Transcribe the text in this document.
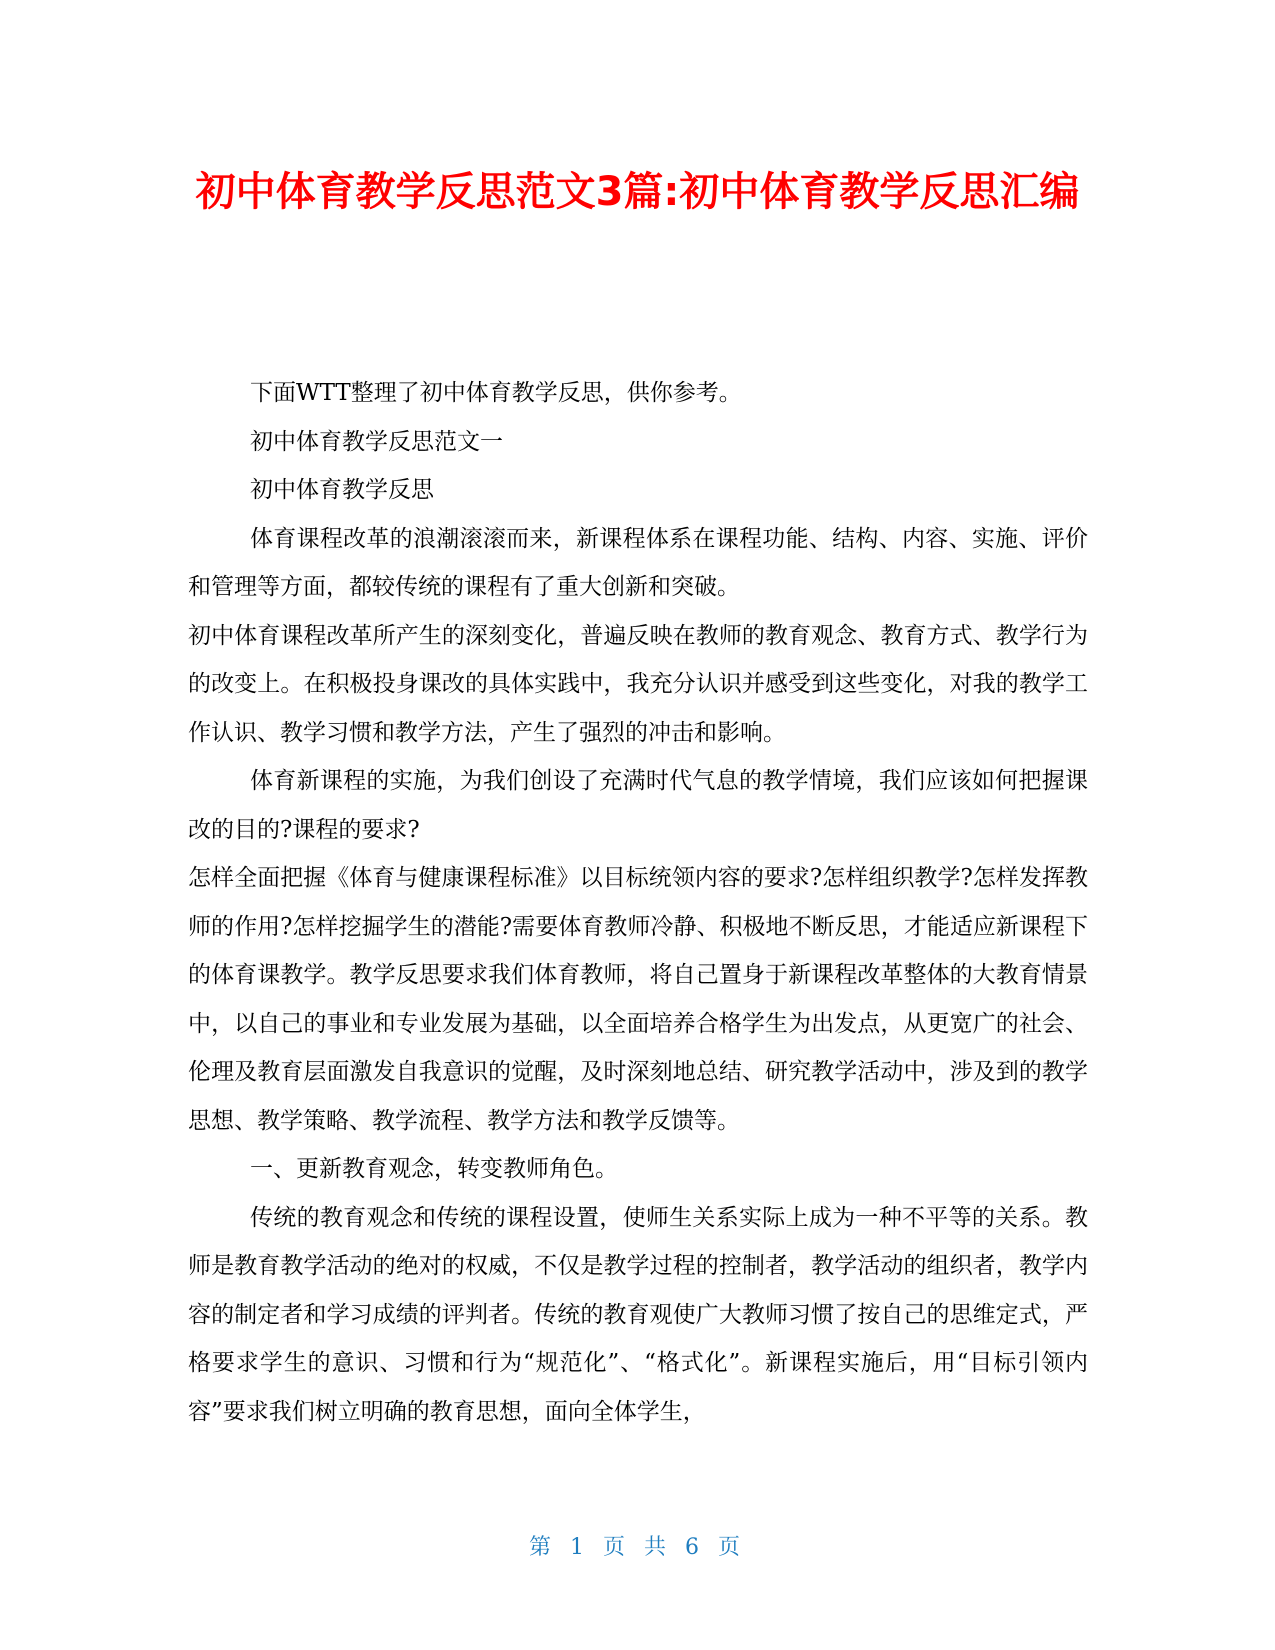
初中体育教学反思范文3篇:初中体育教学反思汇编

下面WTT整理了初中体育教学反思，供你参考。

初中体育教学反思范文一

初中体育教学反思

体育课程改革的浪潮滚滚而来，新课程体系在课程功能、结构、内容、实施、评价和管理等方面，都较传统的课程有了重大创新和突破。

初中体育课程改革所产生的深刻变化，普遍反映在教师的教育观念、教育方式、教学行为的改变上。在积极投身课改的具体实践中，我充分认识并感受到这些变化，对我的教学工作认识、教学习惯和教学方法，产生了强烈的冲击和影响。

体育新课程的实施，为我们创设了充满时代气息的教学情境，我们应该如何把握课改的目的?课程的要求?

怎样全面把握《体育与健康课程标准》以目标统领内容的要求?怎样组织教学?怎样发挥教师的作用?怎样挖掘学生的潜能?需要体育教师冷静、积极地不断反思，才能适应新课程下的体育课教学。教学反思要求我们体育教师，将自己置身于新课程改革整体的大教育情景中，以自己的事业和专业发展为基础，以全面培养合格学生为出发点，从更宽广的社会、伦理及教育层面激发自我意识的觉醒，及时深刻地总结、研究教学活动中，涉及到的教学思想、教学策略、教学流程、教学方法和教学反馈等。

一、更新教育观念，转变教师角色。

传统的教育观念和传统的课程设置，使师生关系实际上成为一种不平等的关系。教师是教育教学活动的绝对的权威，不仅是教学过程的控制者，教学活动的组织者，教学内容的制定者和学习成绩的评判者。传统的教育观使广大教师习惯了按自己的思维定式，严格要求学生的意识、习惯和行为“规范化”、“格式化”。新课程实施后，用“目标引领内容”要求我们树立明确的教育思想，面向全体学生，

第 1 页 共 6 页
